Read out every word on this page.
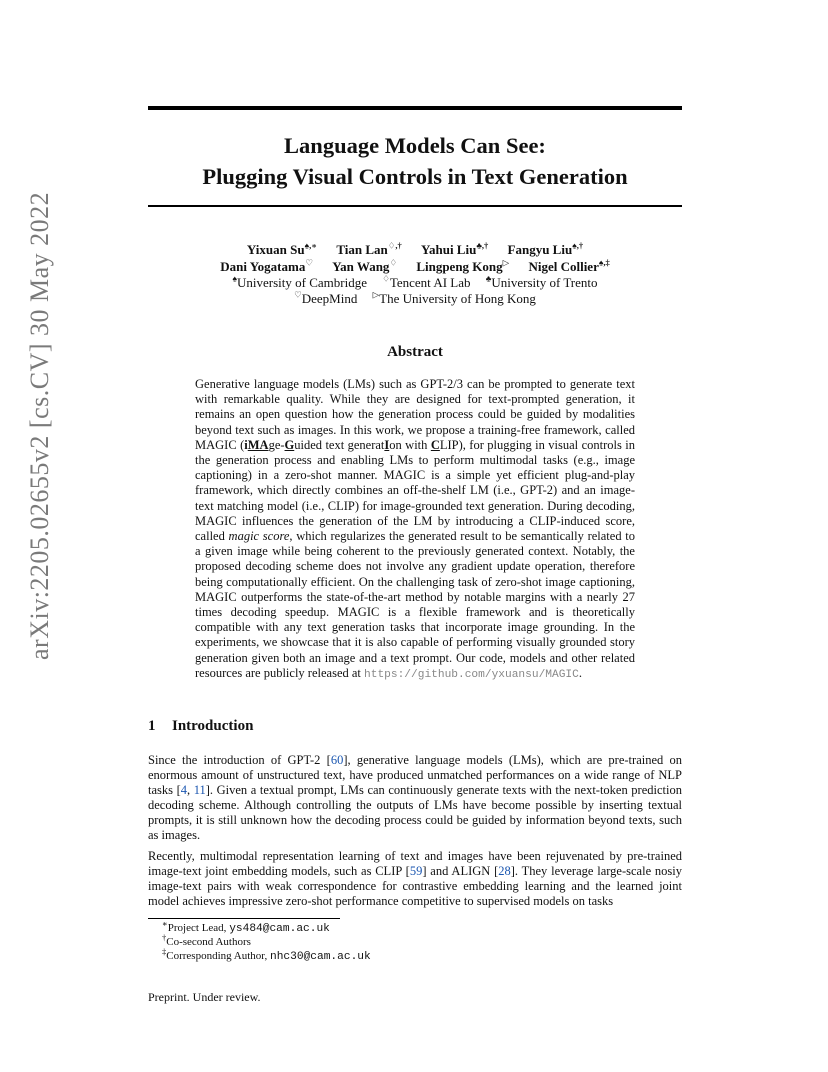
arXiv:2205.02655v2 [cs.CV] 30 May 2022
Language Models Can See:
Plugging Visual Controls in Text Generation
Yixuan Su♠,∗ Tian Lan♢,† Yahui Liu♣,† Fangyu Liu♠,†
Dani Yogatama♡ Yan Wang♢ Lingpeng Kong▷ Nigel Collier♠,‡
♠University of Cambridge ♢Tencent AI Lab ♣University of Trento
♡DeepMind ▷The University of Hong Kong
Abstract
Generative language models (LMs) such as GPT-2/3 can be prompted to generate text with remarkable quality. While they are designed for text-prompted generation, it remains an open question how the generation process could be guided by modalities beyond text such as images. In this work, we propose a training-free framework, called MAGIC (iMAge-Guided text generatIon with CLIP), for plugging in visual controls in the generation process and enabling LMs to perform multimodal tasks (e.g., image captioning) in a zero-shot manner. MAGIC is a simple yet efficient plug-and-play framework, which directly combines an off-the-shelf LM (i.e., GPT-2) and an image-text matching model (i.e., CLIP) for image-grounded text generation. During decoding, MAGIC influences the generation of the LM by introducing a CLIP-induced score, called magic score, which regularizes the generated result to be semantically related to a given image while being coherent to the previously generated context. Notably, the proposed decoding scheme does not involve any gradient update operation, therefore being computationally efficient. On the challenging task of zero-shot image captioning, MAGIC outperforms the state-of-the-art method by notable margins with a nearly 27 times decoding speedup. MAGIC is a flexible framework and is theoretically compatible with any text generation tasks that incorporate image grounding. In the experiments, we showcase that it is also capable of performing visually grounded story generation given both an image and a text prompt. Our code, models and other related resources are publicly released at https://github.com/yxuansu/MAGIC.
1 Introduction
Since the introduction of GPT-2 [60], generative language models (LMs), which are pre-trained on enormous amount of unstructured text, have produced unmatched performances on a wide range of NLP tasks [4, 11]. Given a textual prompt, LMs can continuously generate texts with the next-token prediction decoding scheme. Although controlling the outputs of LMs have become possible by inserting textual prompts, it is still unknown how the decoding process could be guided by information beyond texts, such as images.
Recently, multimodal representation learning of text and images have been rejuvenated by pre-trained image-text joint embedding models, such as CLIP [59] and ALIGN [28]. They leverage large-scale nosiy image-text pairs with weak correspondence for contrastive embedding learning and the learned joint model achieves impressive zero-shot performance competitive to supervised models on tasks
∗Project Lead, ys484@cam.ac.uk
†Co-second Authors
‡Corresponding Author, nhc30@cam.ac.uk
Preprint. Under review.
